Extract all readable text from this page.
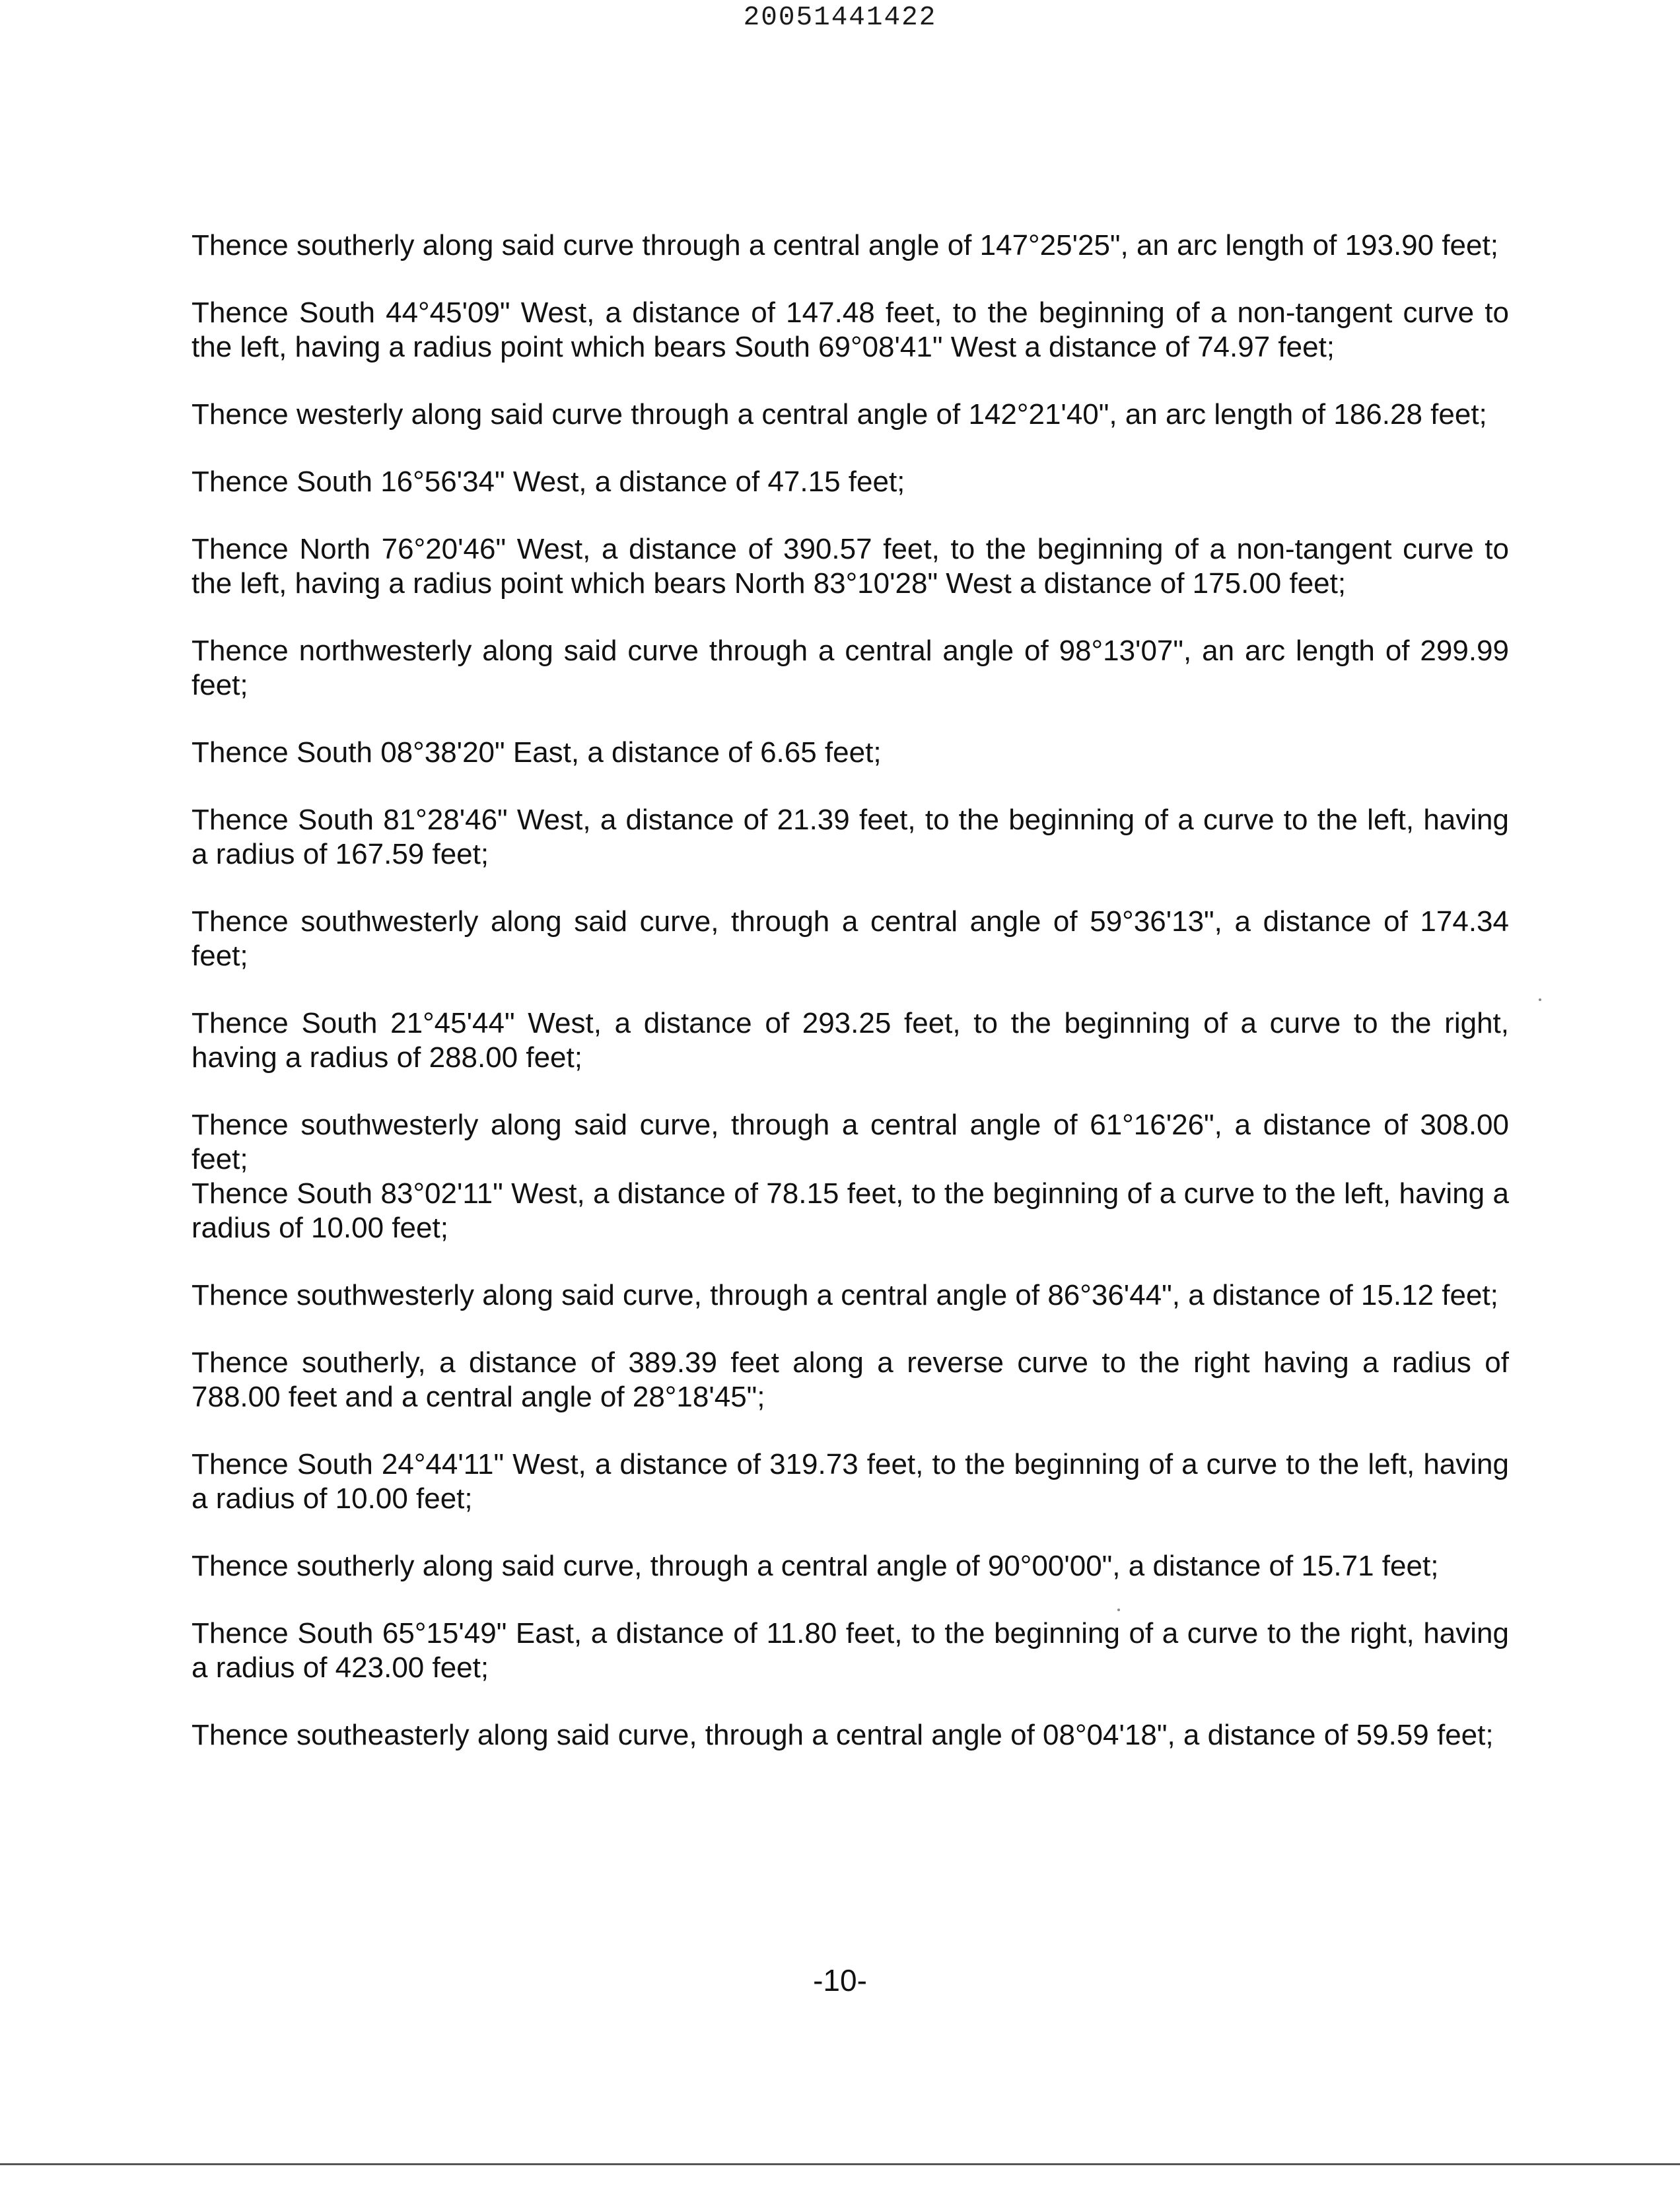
20051441422

Thence southerly along said curve through a central angle of 147°25'25", an arc length of 193.90 feet;

Thence South 44°45'09" West, a distance of 147.48 feet, to the beginning of a non-tangent curve to the left, having a radius point which bears South 69°08'41" West a distance of 74.97 feet;

Thence westerly along said curve through a central angle of 142°21'40", an arc length of 186.28 feet;

Thence South 16°56'34" West, a distance of 47.15 feet;

Thence North 76°20'46" West, a distance of 390.57 feet, to the beginning of a non-tangent curve to the left, having a radius point which bears North 83°10'28" West a distance of 175.00 feet;

Thence northwesterly along said curve through a central angle of 98°13'07", an arc length of 299.99 feet;

Thence South 08°38'20" East, a distance of 6.65 feet;

Thence South 81°28'46" West, a distance of 21.39 feet, to the beginning of a curve to the left, having a radius of 167.59 feet;

Thence southwesterly along said curve, through a central angle of 59°36'13", a distance of 174.34 feet;

Thence South 21°45'44" West, a distance of 293.25 feet, to the beginning of a curve to the right, having a radius of 288.00 feet;

Thence southwesterly along said curve, through a central angle of 61°16'26", a distance of 308.00 feet;

Thence South 83°02'11" West, a distance of 78.15 feet, to the beginning of a curve to the left, having a radius of 10.00 feet;

Thence southwesterly along said curve, through a central angle of 86°36'44", a distance of 15.12 feet;

Thence southerly, a distance of 389.39 feet along a reverse curve to the right having a radius of 788.00 feet and a central angle of 28°18'45";

Thence South 24°44'11" West, a distance of 319.73 feet, to the beginning of a curve to the left, having a radius of 10.00 feet;

Thence southerly along said curve, through a central angle of 90°00'00", a distance of 15.71 feet;

Thence South 65°15'49" East, a distance of 11.80 feet, to the beginning of a curve to the right, having a radius of 423.00 feet;

Thence southeasterly along said curve, through a central angle of 08°04'18", a distance of 59.59 feet;

-10-
